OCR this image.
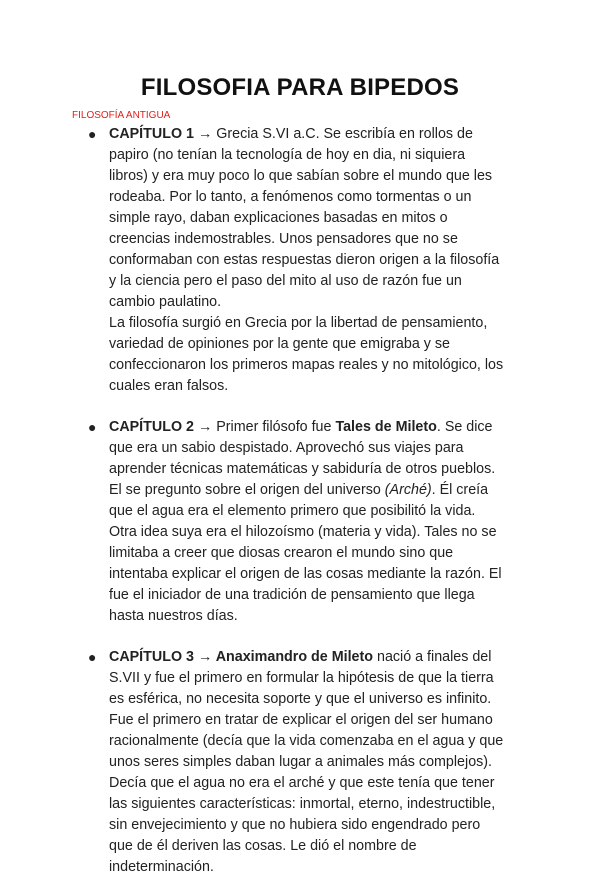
FILOSOFIA PARA BIPEDOS

FILOSOFÍA ANTIGUA

● CAPÍTULO 1 → Grecia S.VI a.C. Se escribía en rollos de papiro (no tenían la tecnología de hoy en dia, ni siquiera libros) y era muy poco lo que sabían sobre el mundo que les rodeaba. Por lo tanto, a fenómenos como tormentas o un simple rayo, daban explicaciones basadas en mitos o creencias indemostrables. Unos pensadores que no se conformaban con estas respuestas dieron origen a la filosofía y la ciencia pero el paso del mito al uso de razón fue un cambio paulatino.

La filosofía surgió en Grecia por la libertad de pensamiento, variedad de opiniones por la gente que emigraba y se confeccionaron los primeros mapas reales y no mitológico, los cuales eran falsos.

● CAPÍTULO 2 → Primer filósofo fue Tales de Mileto. Se dice que era un sabio despistado. Aprovechó sus viajes para aprender técnicas matemáticas y sabiduría de otros pueblos. El se pregunto sobre el origen del universo (Arché). Él creía que el agua era el elemento primero que posibilitó la vida. Otra idea suya era el hilozoísmo (materia y vida). Tales no se limitaba a creer que diosas crearon el mundo sino que intentaba explicar el origen de las cosas mediante la razón. El fue el iniciador de una tradición de pensamiento que llega hasta nuestros días.

● CAPÍTULO 3 → Anaximandro de Mileto nació a finales del S.VII y fue el primero en formular la hipótesis de que la tierra es esférica, no necesita soporte y que el universo es infinito. Fue el primero en tratar de explicar el origen del ser humano racionalmente (decía que la vida comenzaba en el agua y que unos seres simples daban lugar a animales más complejos). Decía que el agua no era el arché y que este tenía que tener las siguientes características: inmortal, eterno, indestructible, sin envejecimiento y que no hubiera sido engendrado pero que de él deriven las cosas. Le dió el nombre de indeterminación.
